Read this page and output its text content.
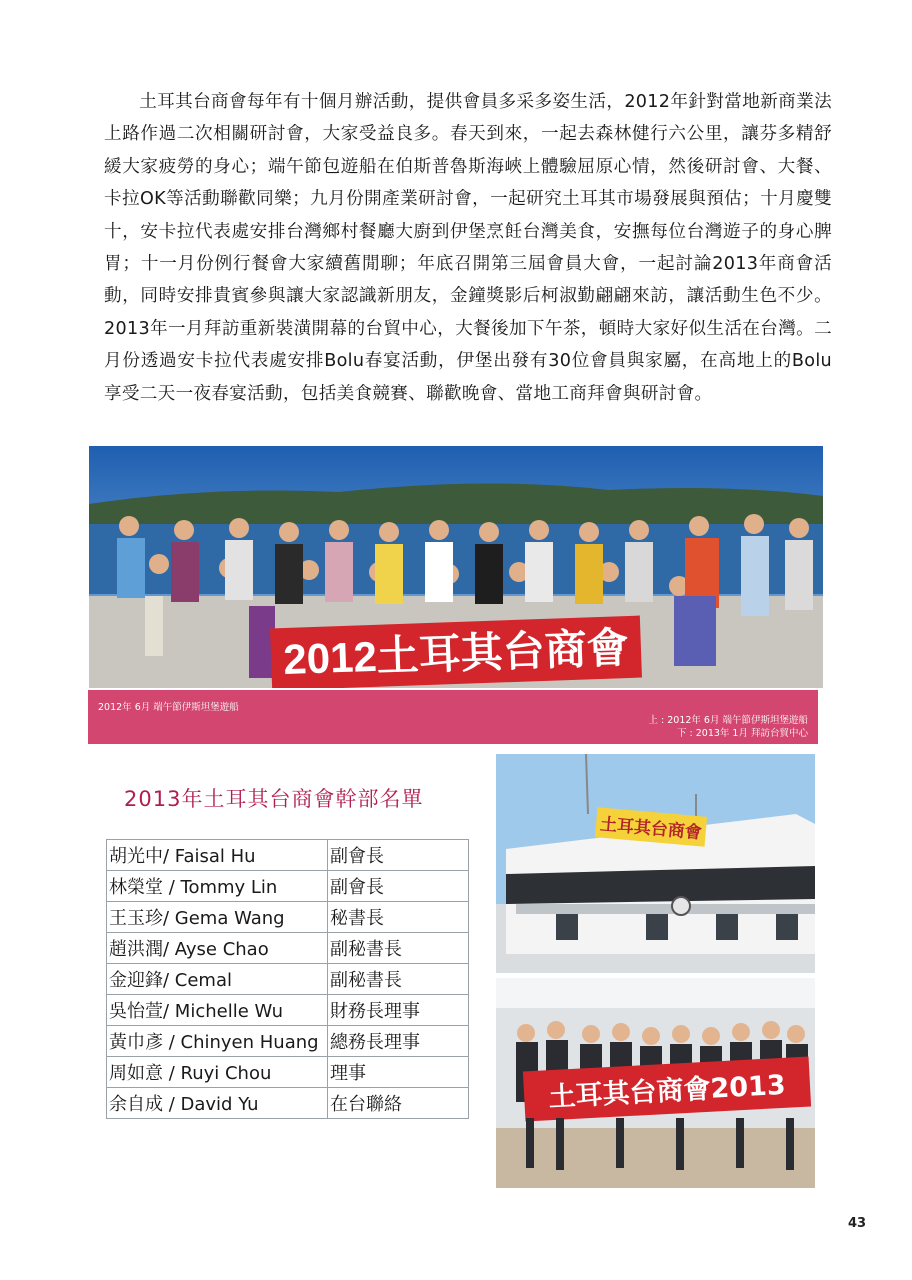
土耳其台商會每年有十個月辦活動，提供會員多采多姿生活，2012年針對當地新商業法上路作過二次相關研討會，大家受益良多。春天到來，一起去森林健行六公里，讓芬多精舒緩大家疲勞的身心；端午節包遊船在伯斯普魯斯海峽上體驗屈原心情，然後研討會、大餐、卡拉OK等活動聯歡同樂；九月份開產業研討會，一起研究土耳其市場發展與預估；十月慶雙十，安卡拉代表處安排台灣鄉村餐廳大廚到伊堡烹飪台灣美食，安撫每位台灣遊子的身心脾胃；十一月份例行餐會大家續舊閒聊；年底召開第三屆會員大會，一起討論2013年商會活動，同時安排貴賓參與讓大家認識新朋友，金鐘獎影后柯淑勤翩翩來訪，讓活動生色不少。2013年一月拜訪重新裝潢開幕的台貿中心，大餐後加下午茶，頓時大家好似生活在台灣。二月份透過安卡拉代表處安排Bolu春宴活動，伊堡出發有30位會員與家屬，在高地上的Bolu享受二天一夜春宴活動，包括美食競賽、聯歡晚會、當地工商拜會與研討會。

2012土耳其台商會
2012年 6月 端午節伊斯坦堡遊船
上 : 2012年 6月 端午節伊斯坦堡遊船
下 : 2013年 1月 拜訪台貿中心
2013年土耳其台商會幹部名單
胡光中/ Faisal Hu	副會長
林榮堂 / Tommy Lin	副會長
王玉珍/ Gema Wang	秘書長
趙洪潤/ Ayse Chao	副秘書長
金迎鋒/ Cemal	副秘書長
吳怡萱/ Michelle Wu	財務長理事
黃巾彥 / Chinyen Huang	總務長理事
周如意 / Ruyi Chou	理事
余自成 / David Yu	在台聯絡
土耳其台商會
土耳其台商會2013
43
